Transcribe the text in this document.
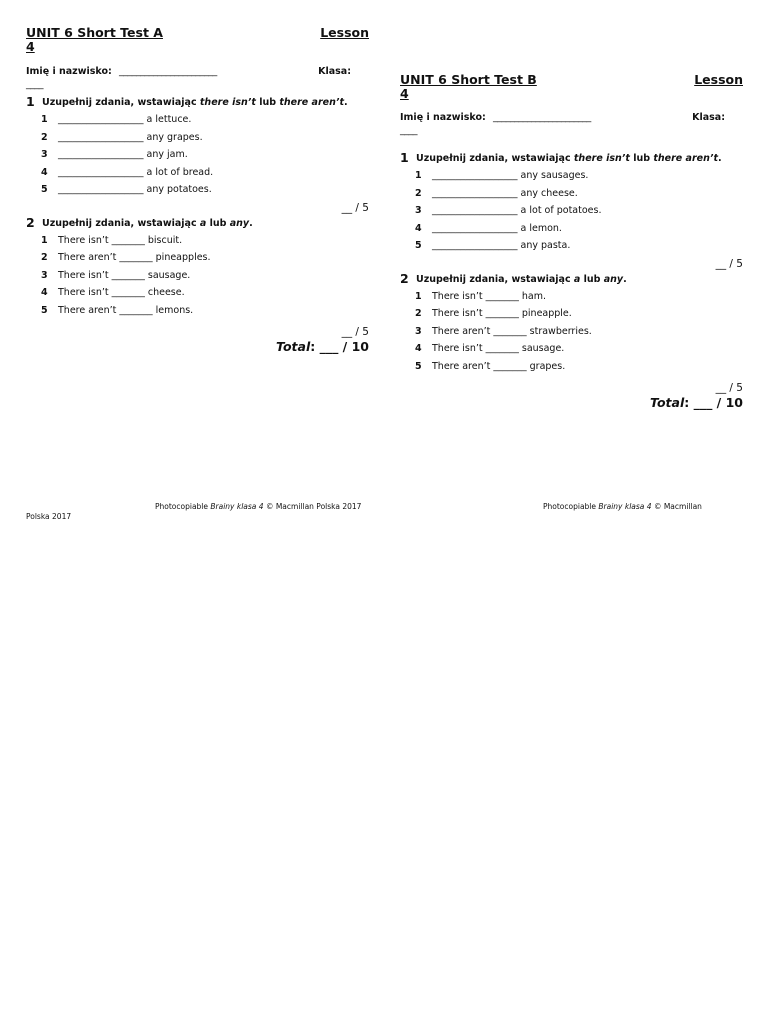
UNIT 6 Short Test A	Lesson
4
Imię i nazwisko: _______________________	Klasa:
____
1 Uzupełnij zdania, wstawiając there isn’t lub there aren’t.
1 __________________ a lettuce.
2 __________________ any grapes.
3 __________________ any jam.
4 __________________ a lot of bread.
5 __________________ any potatoes.
__ / 5
2 Uzupełnij zdania, wstawiając a lub any.
1 There isn’t _______ biscuit.
2 There aren’t _______ pineapples.
3 There isn’t _______ sausage.
4 There isn’t _______ cheese.
5 There aren’t _______ lemons.
__ / 5
Total: ___ / 10
UNIT 6 Short Test B	Lesson
4
Imię i nazwisko: _______________________	Klasa:
____
1 Uzupełnij zdania, wstawiając there isn’t lub there aren’t.
1 __________________ any sausages.
2 __________________ any cheese.
3 __________________ a lot of potatoes.
4 __________________ a lemon.
5 __________________ any pasta.
__ / 5
2 Uzupełnij zdania, wstawiając a lub any.
1 There isn’t _______ ham.
2 There isn’t _______ pineapple.
3 There aren’t _______ strawberries.
4 There isn’t _______ sausage.
5 There aren’t _______ grapes.
__ / 5
Total: ___ / 10
Photocopiable Brainy klasa 4 © Macmillan Polska 2017
Polska 2017
Photocopiable Brainy klasa 4 © Macmillan
